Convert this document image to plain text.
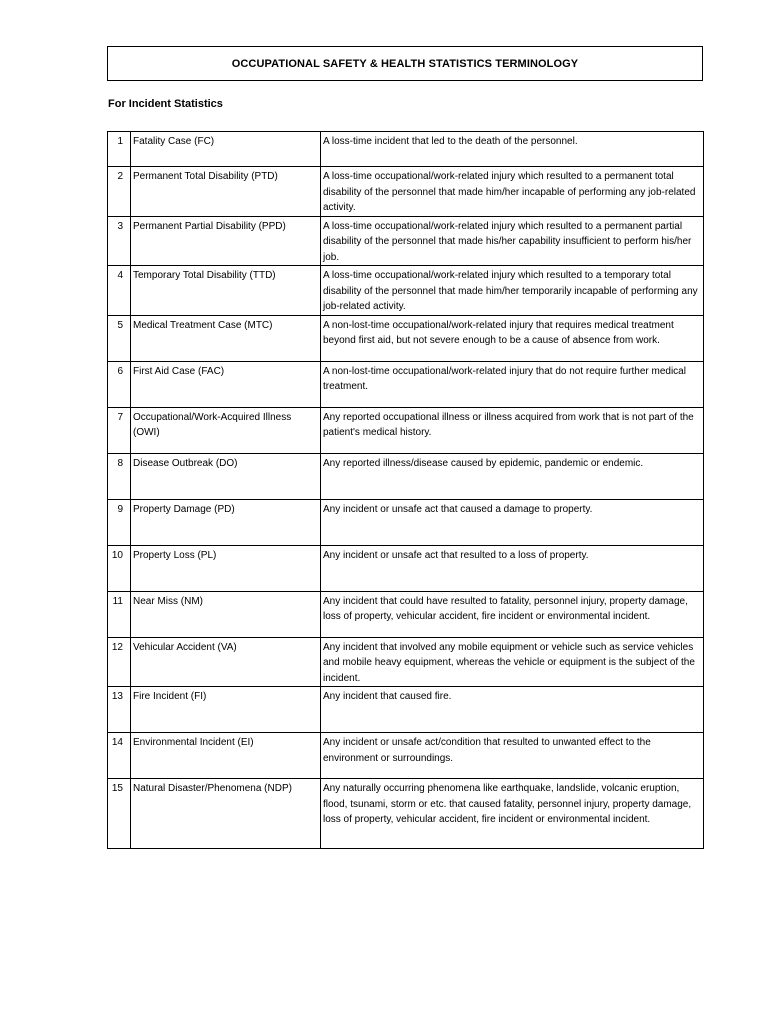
OCCUPATIONAL SAFETY & HEALTH STATISTICS TERMINOLOGY
For Incident Statistics
1	Fatality Case (FC)	A loss-time incident that led to the death of the personnel.
2	Permanent Total Disability (PTD)	A loss-time occupational/work-related injury which resulted to a permanent total disability of the personnel that made him/her incapable of performing any job-related activity.
3	Permanent Partial Disability (PPD)	A loss-time occupational/work-related injury which resulted to a permanent partial disability of the personnel that made his/her capability insufficient to perform his/her job.
4	Temporary Total Disability (TTD)	A loss-time occupational/work-related injury which resulted to a temporary total disability of the personnel that made him/her temporarily incapable of performing any job-related activity.
5	Medical Treatment Case (MTC)	A non-lost-time occupational/work-related injury that requires medical treatment beyond first aid, but not severe enough to be a cause of absence from work.
6	First Aid Case (FAC)	A non-lost-time occupational/work-related injury that do not require further medical treatment.
7	Occupational/Work-Acquired Illness (OWI)	Any reported occupational illness or illness acquired from work that is not part of the patient's medical history.
8	Disease Outbreak (DO)	Any reported illness/disease caused by epidemic, pandemic or endemic.
9	Property Damage (PD)	Any incident or unsafe act that caused a damage to property.
10	Property Loss (PL)	Any incident or unsafe act that resulted to a loss of property.
11	Near Miss (NM)	Any incident that could have resulted to fatality, personnel injury, property damage, loss of property, vehicular accident, fire incident or environmental incident.
12	Vehicular Accident (VA)	Any incident that involved any mobile equipment or vehicle such as service vehicles and mobile heavy equipment, whereas the vehicle or equipment is the subject of the incident.
13	Fire Incident (FI)	Any incident that caused fire.
14	Environmental Incident (EI)	Any incident or unsafe act/condition that resulted to unwanted effect to the environment or surroundings.
15	Natural Disaster/Phenomena (NDP)	Any naturally occurring phenomena like earthquake, landslide, volcanic eruption, flood, tsunami, storm or etc. that caused fatality, personnel injury, property damage, loss of property, vehicular accident, fire incident or environmental incident.
